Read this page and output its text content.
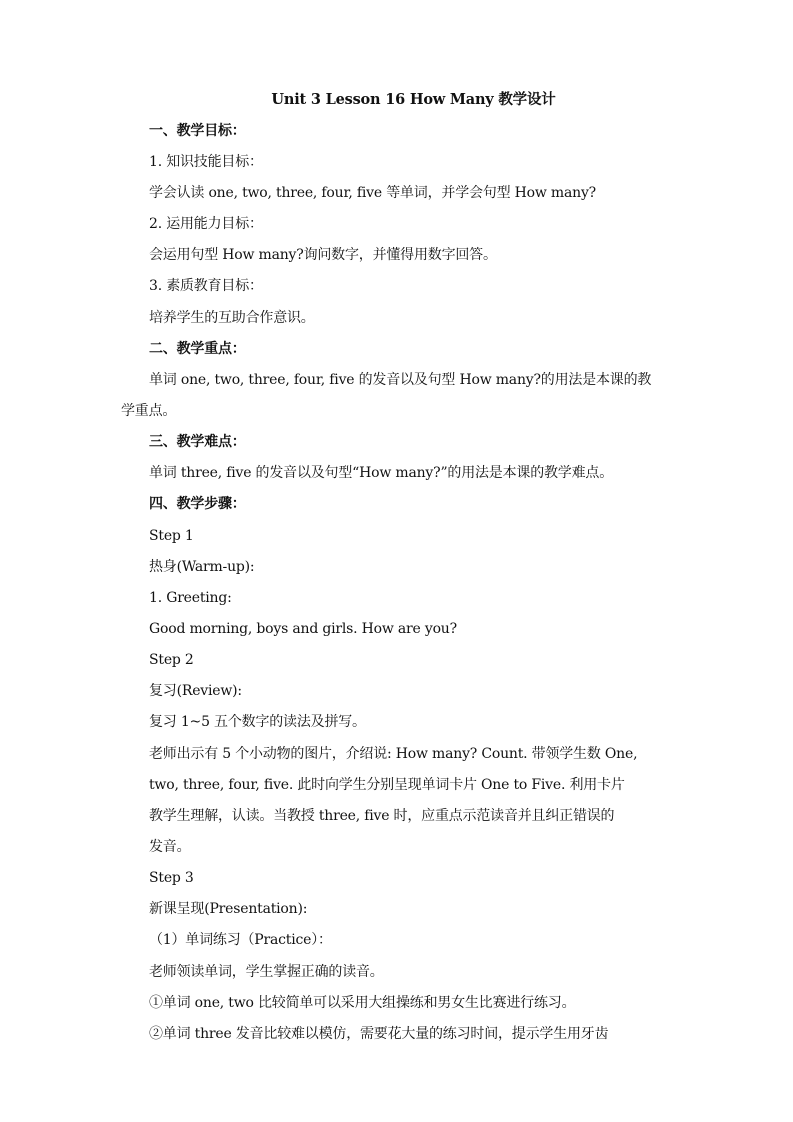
Unit 3 Lesson 16 How Many 教学设计
一、教学目标：
1. 知识技能目标：
学会认读 one, two, three, four, five 等单词，并学会句型 How many?
2. 运用能力目标：
会运用句型 How many?询问数字，并懂得用数字回答。
3. 素质教育目标：
培养学生的互助合作意识。
二、教学重点：
单词 one, two, three, four, five 的发音以及句型 How many?的用法是本课的教
学重点。
三、教学难点：
单词 three, five 的发音以及句型“How many?”的用法是本课的教学难点。
四、教学步骤：
Step 1
热身(Warm-up):
1. Greeting:
Good morning, boys and girls. How are you?
Step 2
复习(Review):
复习 1~5 五个数字的读法及拼写。
老师出示有 5 个小动物的图片，介绍说: How many? Count. 带领学生数 One,
two, three, four, five. 此时向学生分别呈现单词卡片 One to Five. 利用卡片
教学生理解，认读。当教授 three, five 时，应重点示范读音并且纠正错误的
发音。
Step 3
新课呈现(Presentation):
（1）单词练习（Practice）：
老师领读单词，学生掌握正确的读音。
①单词 one, two 比较简单可以采用大组操练和男女生比赛进行练习。
②单词 three 发音比较难以模仿，需要花大量的练习时间，提示学生用牙齿
